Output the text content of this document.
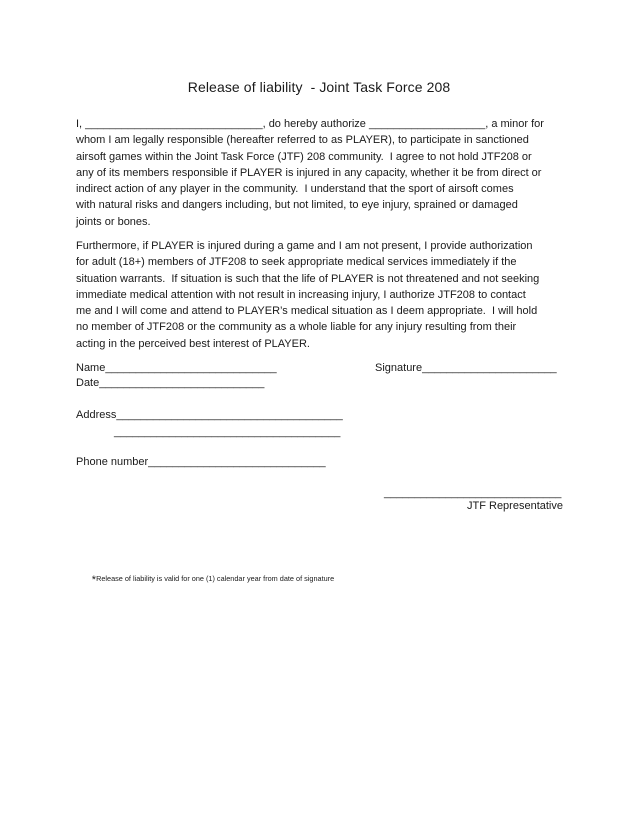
Release of liability  - Joint Task Force 208
I, _____________________________, do hereby authorize ___________________, a minor for
whom I am legally responsible (hereafter referred to as PLAYER), to participate in sanctioned
airsoft games within the Joint Task Force (JTF) 208 community.  I agree to not hold JTF208 or
any of its members responsible if PLAYER is injured in any capacity, whether it be from direct or
indirect action of any player in the community.  I understand that the sport of airsoft comes
with natural risks and dangers including, but not limited, to eye injury, sprained or damaged
joints or bones.
Furthermore, if PLAYER is injured during a game and I am not present, I provide authorization
for adult (18+) members of JTF208 to seek appropriate medical services immediately if the
situation warrants.  If situation is such that the life of PLAYER is not threatened and not seeking
immediate medical attention with not result in increasing injury, I authorize JTF208 to contact
me and I will come and attend to PLAYER’s medical situation as I deem appropriate.  I will hold
no member of JTF208 or the community as a whole liable for any injury resulting from their
acting in the perceived best interest of PLAYER.
Name____________________________	Signature______________________
Date___________________________
Address_____________________________________
_____________________________________
Phone number_____________________________
_____________________________
JTF Representative

*Release of liability is valid for one (1) calendar year from date of signature
